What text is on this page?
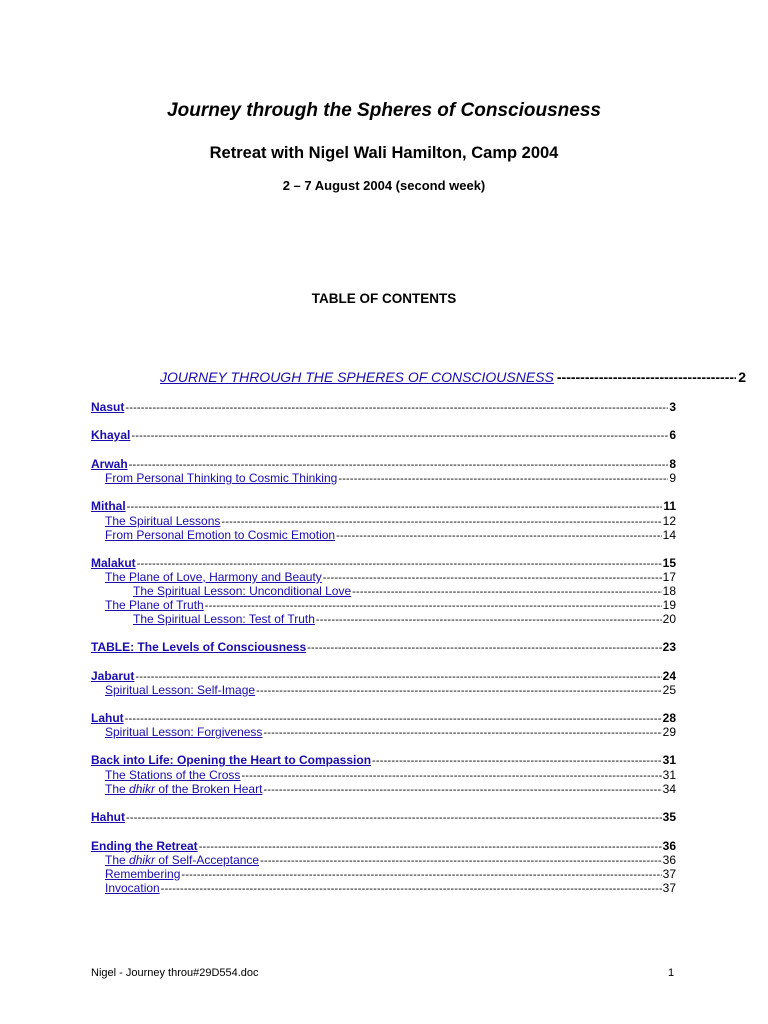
Journey through the Spheres of Consciousness
Retreat with Nigel Wali Hamilton, Camp 2004
2 – 7 August 2004 (second week)
TABLE OF CONTENTS
JOURNEY THROUGH THE SPHERES OF CONSCIOUSNESS -----	2
Nasut -----	3
Khayal -----	6
Arwah -----	8
From Personal Thinking to Cosmic Thinking -----	9
Mithal -----	11
The Spiritual Lessons -----	12
From Personal Emotion to Cosmic Emotion -----	14
Malakut -----	15
The Plane of Love, Harmony and Beauty -----	17
The Spiritual Lesson: Unconditional Love -----	18
The Plane of Truth -----	19
The Spiritual Lesson: Test of Truth -----	20
TABLE: The Levels of Consciousness -----	23
Jabarut -----	24
Spiritual Lesson: Self-Image -----	25
Lahut -----	28
Spiritual Lesson: Forgiveness -----	29
Back into Life: Opening the Heart to Compassion -----	31
The Stations of the Cross -----	31
The dhikr of the Broken Heart -----	34
Hahut -----	35
Ending the Retreat -----	36
The dhikr of Self-Acceptance -----	36
Remembering -----	37
Invocation -----	37
Nigel - Journey throu#29D554.doc	1
